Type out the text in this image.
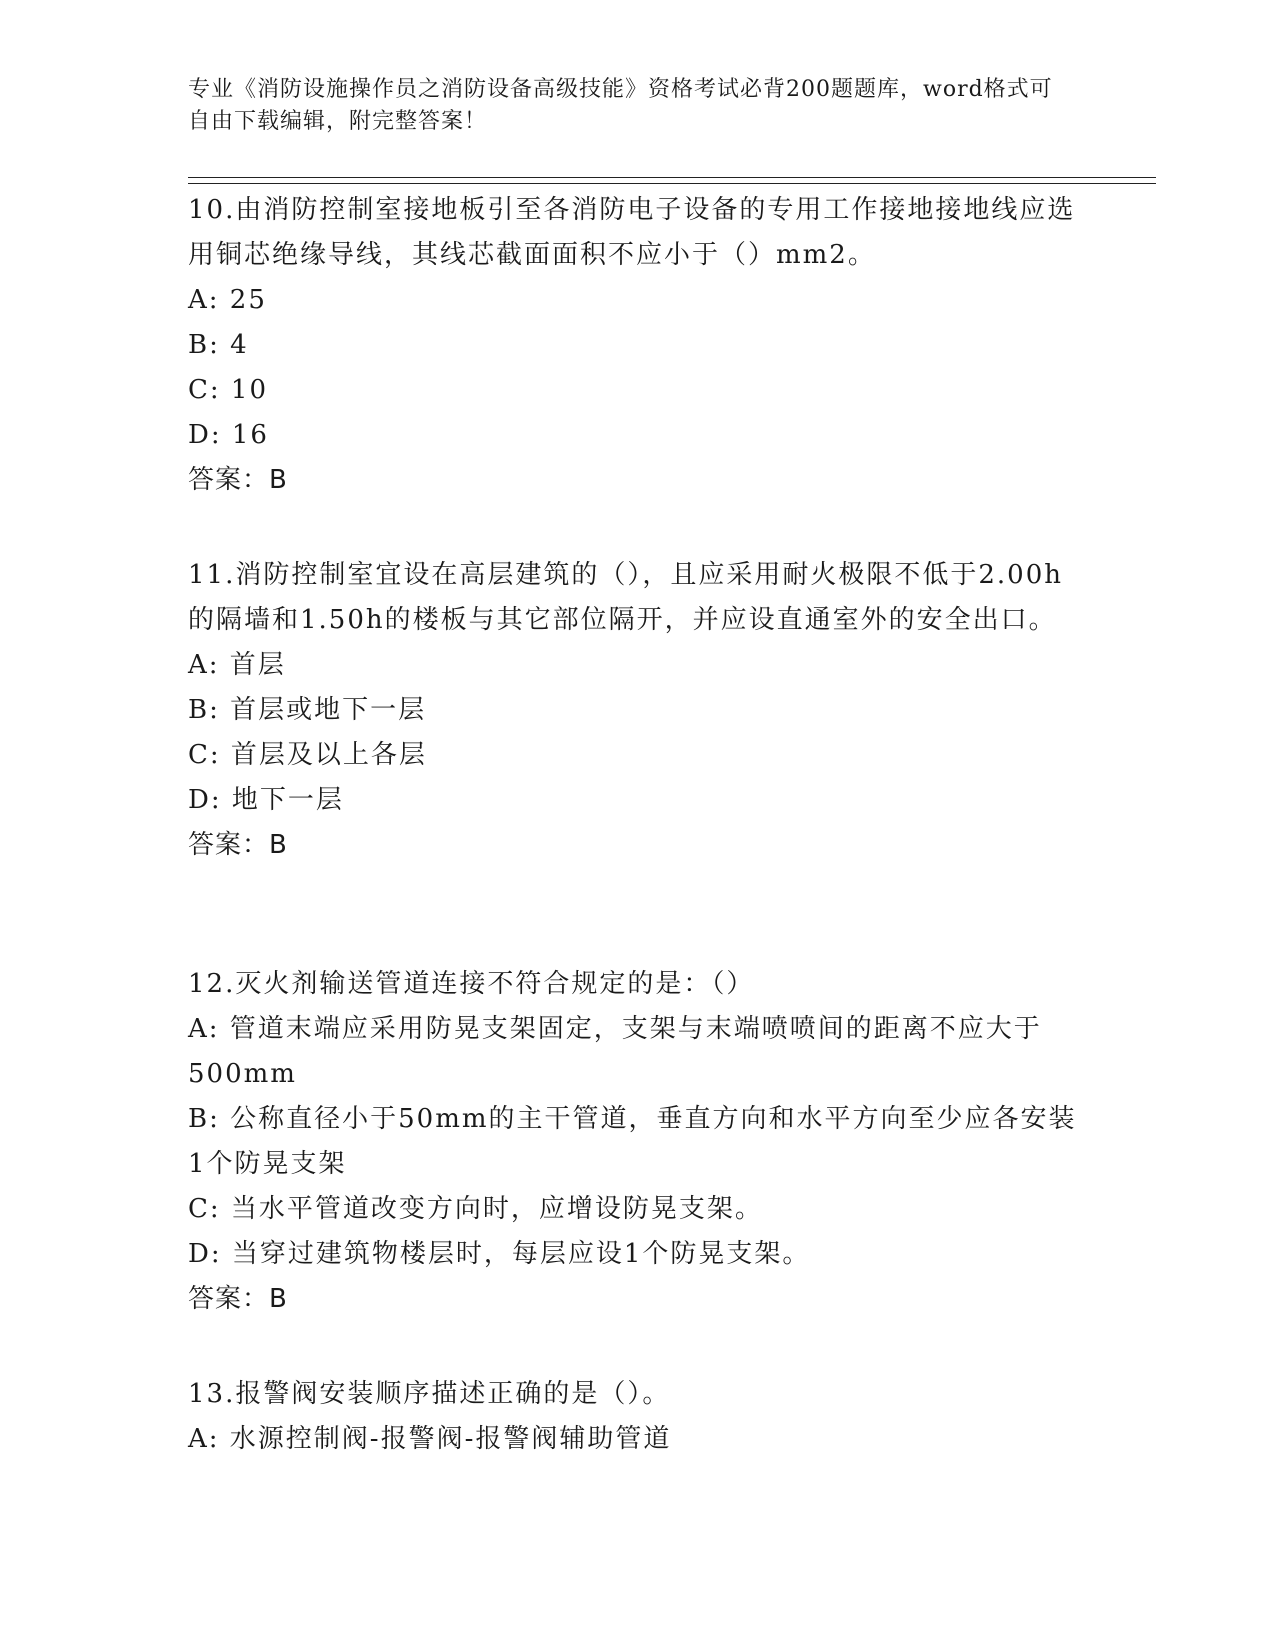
专业《消防设施操作员之消防设备高级技能》资格考试必背200题题库，word格式可自由下载编辑，附完整答案！
10.由消防控制室接地板引至各消防电子设备的专用工作接地接地线应选用铜芯绝缘导线，其线芯截面面积不应小于（）mm2。
A: 25
B: 4
C: 10
D: 16
答案：B
11.消防控制室宜设在高层建筑的（），且应采用耐火极限不低于2.00h的隔墙和1.50h的楼板与其它部位隔开，并应设直通室外的安全出口。
A: 首层
B: 首层或地下一层
C: 首层及以上各层
D: 地下一层
答案：B
12.灭火剂输送管道连接不符合规定的是：（）
A: 管道末端应采用防晃支架固定，支架与末端喷喷间的距离不应大于500mm
B: 公称直径小于50mm的主干管道，垂直方向和水平方向至少应各安装1个防晃支架
C: 当水平管道改变方向时，应增设防晃支架。
D: 当穿过建筑物楼层时，每层应设1个防晃支架。
答案：B
13.报警阀安装顺序描述正确的是（）。
A: 水源控制阀-报警阀-报警阀辅助管道
